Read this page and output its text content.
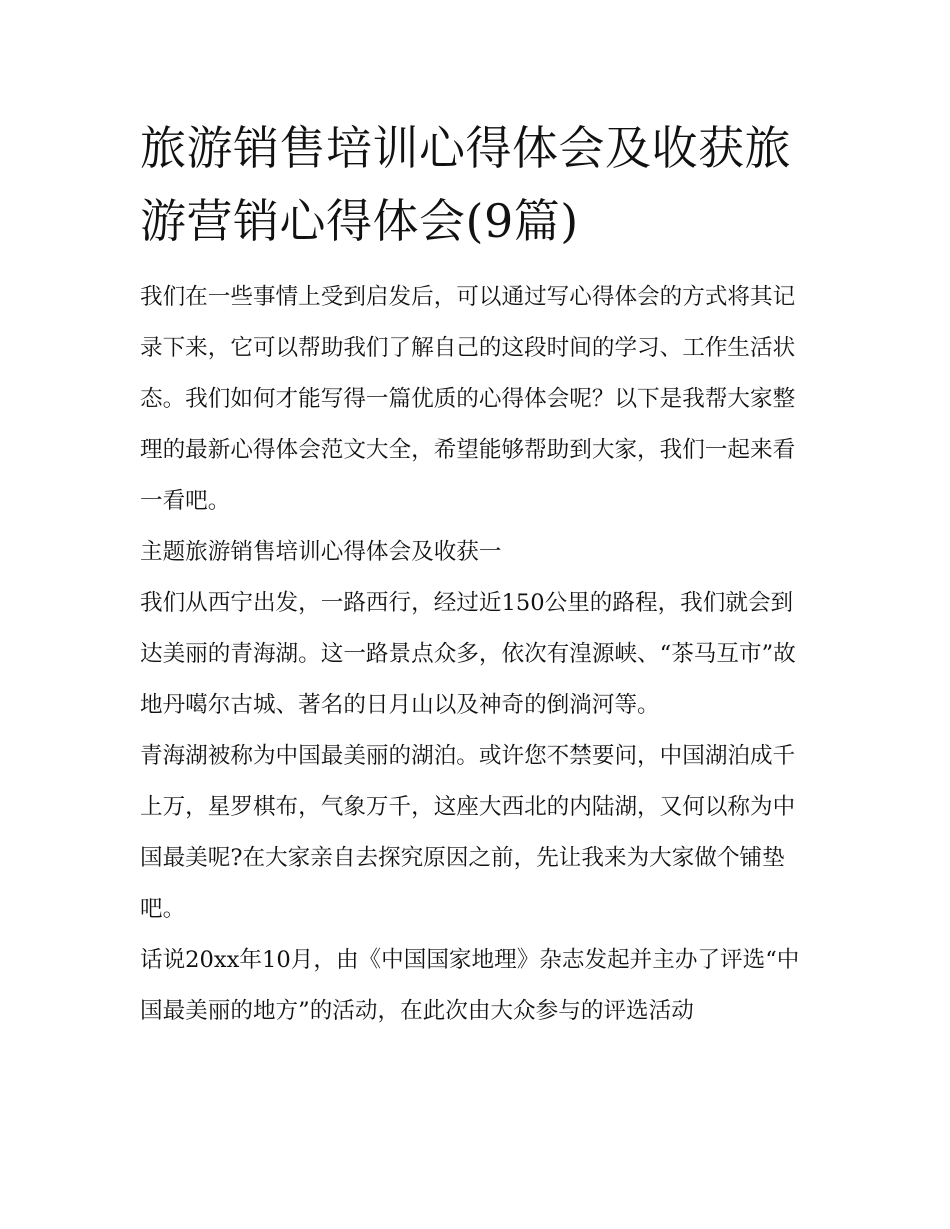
旅游销售培训心得体会及收获旅游营销心得体会(9篇)

我们在一些事情上受到启发后，可以通过写心得体会的方式将其记录下来，它可以帮助我们了解自己的这段时间的学习、工作生活状态。我们如何才能写得一篇优质的心得体会呢？以下是我帮大家整理的最新心得体会范文大全，希望能够帮助到大家，我们一起来看一看吧。

主题旅游销售培训心得体会及收获一

我们从西宁出发，一路西行，经过近150公里的路程，我们就会到达美丽的青海湖。这一路景点众多，依次有湟源峡、“茶马互市”故地丹噶尔古城、著名的日月山以及神奇的倒淌河等。

青海湖被称为中国最美丽的湖泊。或许您不禁要问，中国湖泊成千上万，星罗棋布，气象万千，这座大西北的内陆湖，又何以称为中国最美呢?在大家亲自去探究原因之前，先让我来为大家做个铺垫吧。

话说20xx年10月，由《中国国家地理》杂志发起并主办了评选“中国最美丽的地方”的活动，在此次由大众参与的评选活动
